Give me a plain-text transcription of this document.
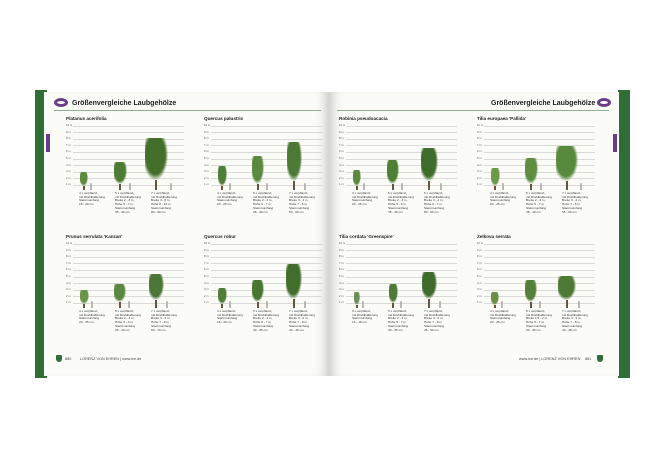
Größenvergleiche Laubgehölze
Platanus acerifolia
10 m
9 m
8 m
7 m
6 m
5 m
4 m
3 m
2 m
1 m
4 x verpflanzt,
mit Drahtballierung
Stammumfang
18 - 20 cm
5 x verpflanzt,
mit Drahtballierung
Breite 2 - 3 m,
Höhe 5 - 7 m
Stammumfang
35 - 40 cm
7 x verpflanzt,
mit Drahtballierung
Breite 4 - 6 m,
Höhe 8 - 10 m
Stammumfang
80 - 90 cm
Quercus palustris
10 m
9 m
8 m
7 m
6 m
5 m
4 m
3 m
2 m
1 m
4 x verpflanzt,
mit Drahtballierung
Stammumfang
20 - 25 cm
5 x verpflanzt,
mit Drahtballierung
Breite 2 - 3 m,
Höhe 6 - 7 m
Stammumfang
35 - 40 cm
7 x verpflanzt,
mit Drahtballierung
Breite 3 - 4 m,
Höhe 7 - 8 m
Stammumfang
50 - 60 cm
Prunus serrulata 'Kanzan'
10 m
9 m
8 m
7 m
6 m
5 m
4 m
3 m
2 m
1 m
4 x verpflanzt,
mit Drahtballierung
Stammumfang
20 - 25 cm
5 x verpflanzt,
mit Drahtballierung
Breite 2 - 3 m,
Höhe 3 - 4 m
Stammumfang
35 - 40 cm
7 x verpflanzt,
mit Drahtballierung
Breite 3 - 4 m,
Höhe 7 - 8 m
Stammumfang
60 - 70 cm
Quercus robur
10 m
9 m
8 m
7 m
6 m
5 m
4 m
3 m
2 m
1 m
4 x verpflanzt,
mit Drahtballierung
Stammumfang
18 - 20 cm
5 x verpflanzt,
mit Drahtballierung
Breite 2 - 3 m,
Höhe 6 - 7 m
Stammumfang
30 - 35 cm
7 x verpflanzt,
mit Drahtballierung
Breite 3 - 4 m,
Höhe 7 - 8 m
Stammumfang
40 - 45 cm
880 LORENZ VON EHREN | www.lve.de
Größenvergleiche Laubgehölze
Robinia pseudoacacia
10 m
9 m
8 m
7 m
6 m
5 m
4 m
3 m
2 m
1 m
4 x verpflanzt,
mit Drahtballierung
Stammumfang
20 - 25 cm
5 x verpflanzt,
mit Drahtballierung
Breite 2 - 3 m,
Höhe 5 - 6 m
Stammumfang
35 - 40 cm
6 x verpflanzt,
mit Drahtballierung
Breite 3 - 4 m,
Höhe 6 - 7 m
Stammumfang
50 - 60 cm
Tilia europaea 'Pallida'
10 m
9 m
8 m
7 m
6 m
5 m
4 m
3 m
2 m
1 m
4 x verpflanzt,
mit Drahtballierung
Stammumfang
20 - 25 cm
5 x verpflanzt,
mit Drahtballierung
Breite 2 - 3 m,
Höhe 5 - 7 m
Stammumfang
35 - 40 cm
7 x verpflanzt,
mit Drahtballierung
Breite 3 - 4 m,
Höhe 7 - 8 m
Stammumfang
55 - 60 cm
Tilia cordata 'Greenspire'
10 m
9 m
8 m
7 m
6 m
5 m
4 m
3 m
2 m
1 m
3 x verpflanzt,
mit Drahtballierung
Stammumfang
16 - 18 cm
5 x verpflanzt,
mit Drahtballierung
Breite 2 - 3 m,
Höhe 5 - 7 m
Stammumfang
30 - 35 cm
7 x verpflanzt,
mit Drahtballierung
Breite 4 - 5 m,
Höhe 7 - 8 m
Stammumfang
45 - 50 cm
Zelkova serrata
10 m
9 m
8 m
7 m
6 m
5 m
4 m
3 m
2 m
1 m
4 x verpflanzt,
mit Drahtballierung
Stammumfang
20 - 25 cm
5 x verpflanzt,
mit Drahtballierung
Breite 1,5 - 2 m,
Höhe 5 - 7 m
Stammumfang
30 - 35 cm
7 x verpflanzt,
mit Drahtballierung
Breite 3 - 4 m,
Höhe 7 - 8 m
Stammumfang
40 - 45 cm
www.lve.de | LORENZ VON EHREN 881
